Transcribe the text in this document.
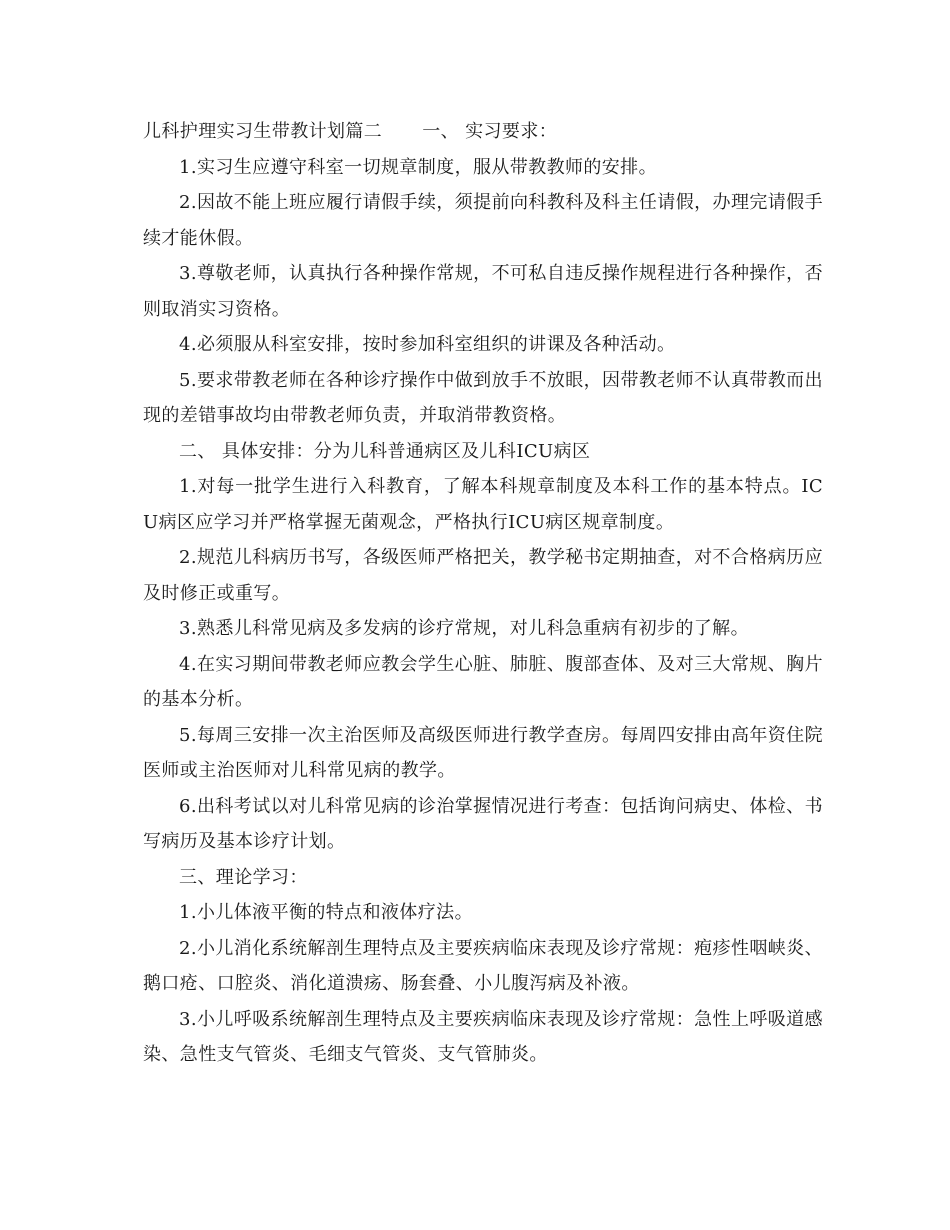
儿科护理实习生带教计划篇二 一、 实习要求：

1.实习生应遵守科室一切规章制度，服从带教教师的安排。

2.因故不能上班应履行请假手续，须提前向科教科及科主任请假，办理完请假手续才能休假。

3.尊敬老师，认真执行各种操作常规，不可私自违反操作规程进行各种操作，否则取消实习资格。

4.必须服从科室安排，按时参加科室组织的讲课及各种活动。

5.要求带教老师在各种诊疗操作中做到放手不放眼，因带教老师不认真带教而出现的差错事故均由带教老师负责，并取消带教资格。

二、 具体安排：分为儿科普通病区及儿科ICU病区

1.对每一批学生进行入科教育，了解本科规章制度及本科工作的基本特点。ICU病区应学习并严格掌握无菌观念，严格执行ICU病区规章制度。

2.规范儿科病历书写，各级医师严格把关，教学秘书定期抽查，对不合格病历应及时修正或重写。

3.熟悉儿科常见病及多发病的诊疗常规，对儿科急重病有初步的了解。

4.在实习期间带教老师应教会学生心脏、肺脏、腹部查体、及对三大常规、胸片的基本分析。

5.每周三安排一次主治医师及高级医师进行教学查房。每周四安排由高年资住院医师或主治医师对儿科常见病的教学。

6.出科考试以对儿科常见病的诊治掌握情况进行考查：包括询问病史、体检、书写病历及基本诊疗计划。

三、理论学习：

1.小儿体液平衡的特点和液体疗法。

2.小儿消化系统解剖生理特点及主要疾病临床表现及诊疗常规：疱疹性咽峡炎、鹅口疮、口腔炎、消化道溃疡、肠套叠、小儿腹泻病及补液。

3.小儿呼吸系统解剖生理特点及主要疾病临床表现及诊疗常规：急性上呼吸道感染、急性支气管炎、毛细支气管炎、支气管肺炎。
